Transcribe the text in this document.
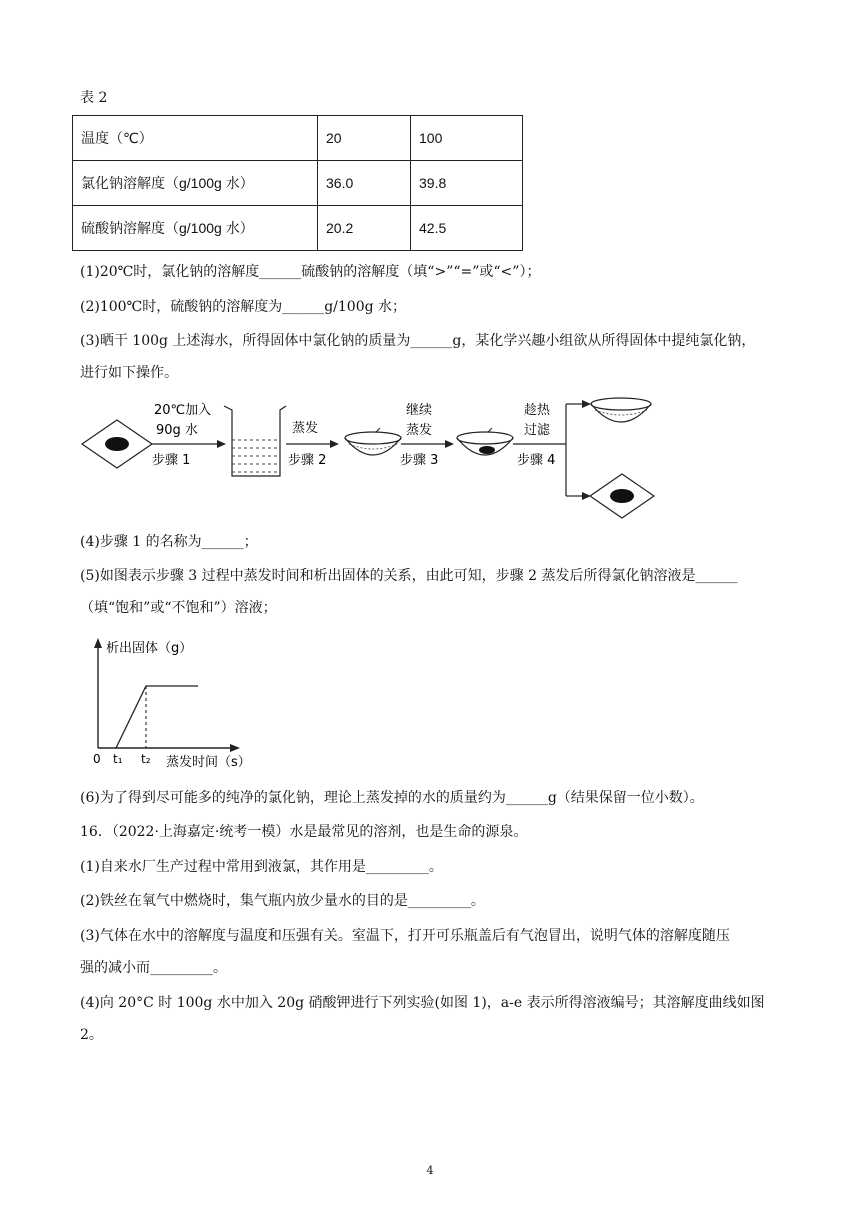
表 2
温度（℃）	20	100
氯化钠溶解度（g/100g 水）	36.0	39.8
硫酸钠溶解度（g/100g 水）	20.2	42.5
(1)20℃时，氯化钠的溶解度______硫酸钠的溶解度（填“>”“=”或“<”）；
(2)100℃时，硫酸钠的溶解度为______g/100g 水；
(3)晒干 100g 上述海水，所得固体中氯化钠的质量为______g，某化学兴趣小组欲从所得固体中提纯氯化钠，
进行如下操作。
20℃加入
90g 水
步骤 1
蒸发
步骤 2
继续
蒸发
步骤 3
趁热
过滤
步骤 4
(4)步骤 1 的名称为______；
(5)如图表示步骤 3 过程中蒸发时间和析出固体的关系，由此可知，步骤 2 蒸发后所得氯化钠溶液是______
（填“饱和”或“不饱和”）溶液；
析出固体（g）
蒸发时间（s）
0 t₁ t₂
(6)为了得到尽可能多的纯净的氯化钠，理论上蒸发掉的水的质量约为______g（结果保留一位小数）。
16．（2022·上海嘉定·统考一模）水是最常见的溶剂，也是生命的源泉。
(1)自来水厂生产过程中常用到液氯，其作用是_________。
(2)铁丝在氧气中燃烧时，集气瓶内放少量水的目的是_________。
(3)气体在水中的溶解度与温度和压强有关。室温下，打开可乐瓶盖后有气泡冒出，说明气体的溶解度随压
强的减小而_________。
(4)向 20°C 时 100g 水中加入 20g 硝酸钾进行下列实验(如图 1)，a-e 表示所得溶液编号；其溶解度曲线如图
2。
4
